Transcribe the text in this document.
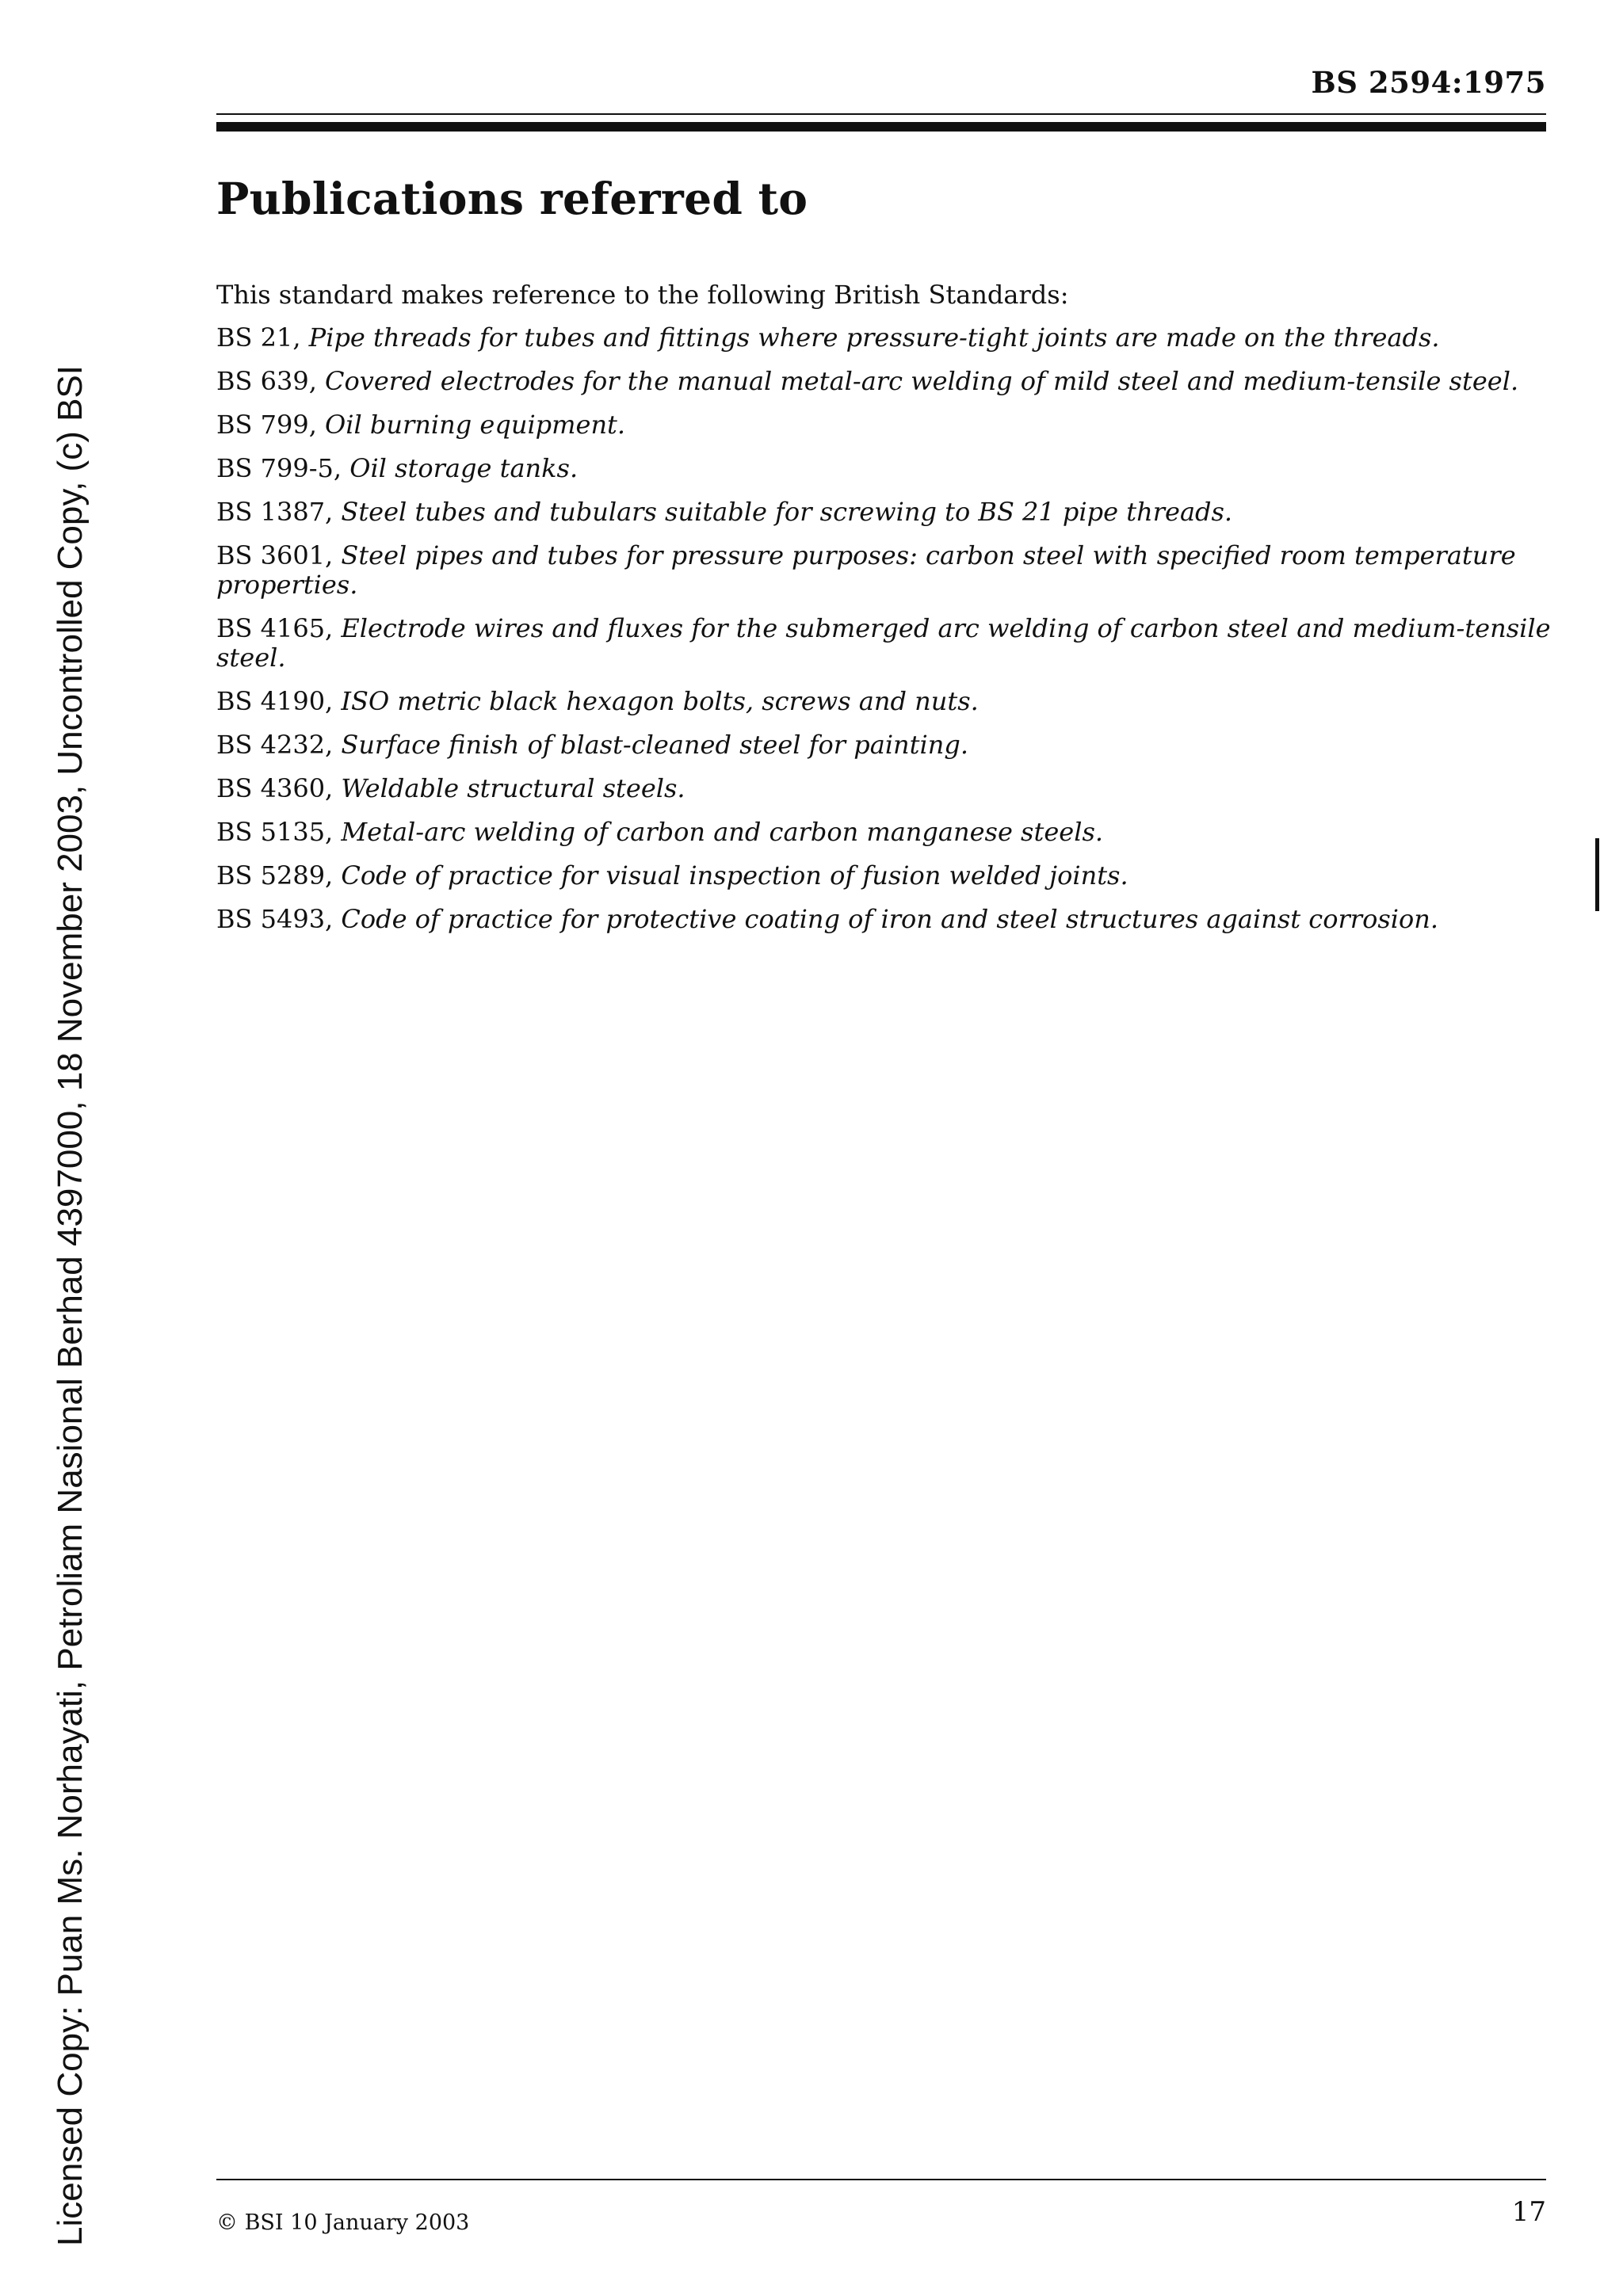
BS 2594:1975
Publications referred to

This standard makes reference to the following British Standards:

BS 21, Pipe threads for tubes and fittings where pressure-tight joints are made on the threads.
BS 639, Covered electrodes for the manual metal-arc welding of mild steel and medium-tensile steel.
BS 799, Oil burning equipment.
BS 799-5, Oil storage tanks.
BS 1387, Steel tubes and tubulars suitable for screwing to BS 21 pipe threads.
BS 3601, Steel pipes and tubes for pressure purposes: carbon steel with specified room temperature properties.
BS 4165, Electrode wires and fluxes for the submerged arc welding of carbon steel and medium-tensile steel.
BS 4190, ISO metric black hexagon bolts, screws and nuts.
BS 4232, Surface finish of blast-cleaned steel for painting.
BS 4360, Weldable structural steels.
BS 5135, Metal-arc welding of carbon and carbon manganese steels.
BS 5289, Code of practice for visual inspection of fusion welded joints.
BS 5493, Code of practice for protective coating of iron and steel structures against corrosion.
Licensed Copy: Puan Ms. Norhayati, Petroliam Nasional Berhad 4397000, 18 November 2003, Uncontrolled Copy, (c) BSI	© BSI 10 January 2003	17
